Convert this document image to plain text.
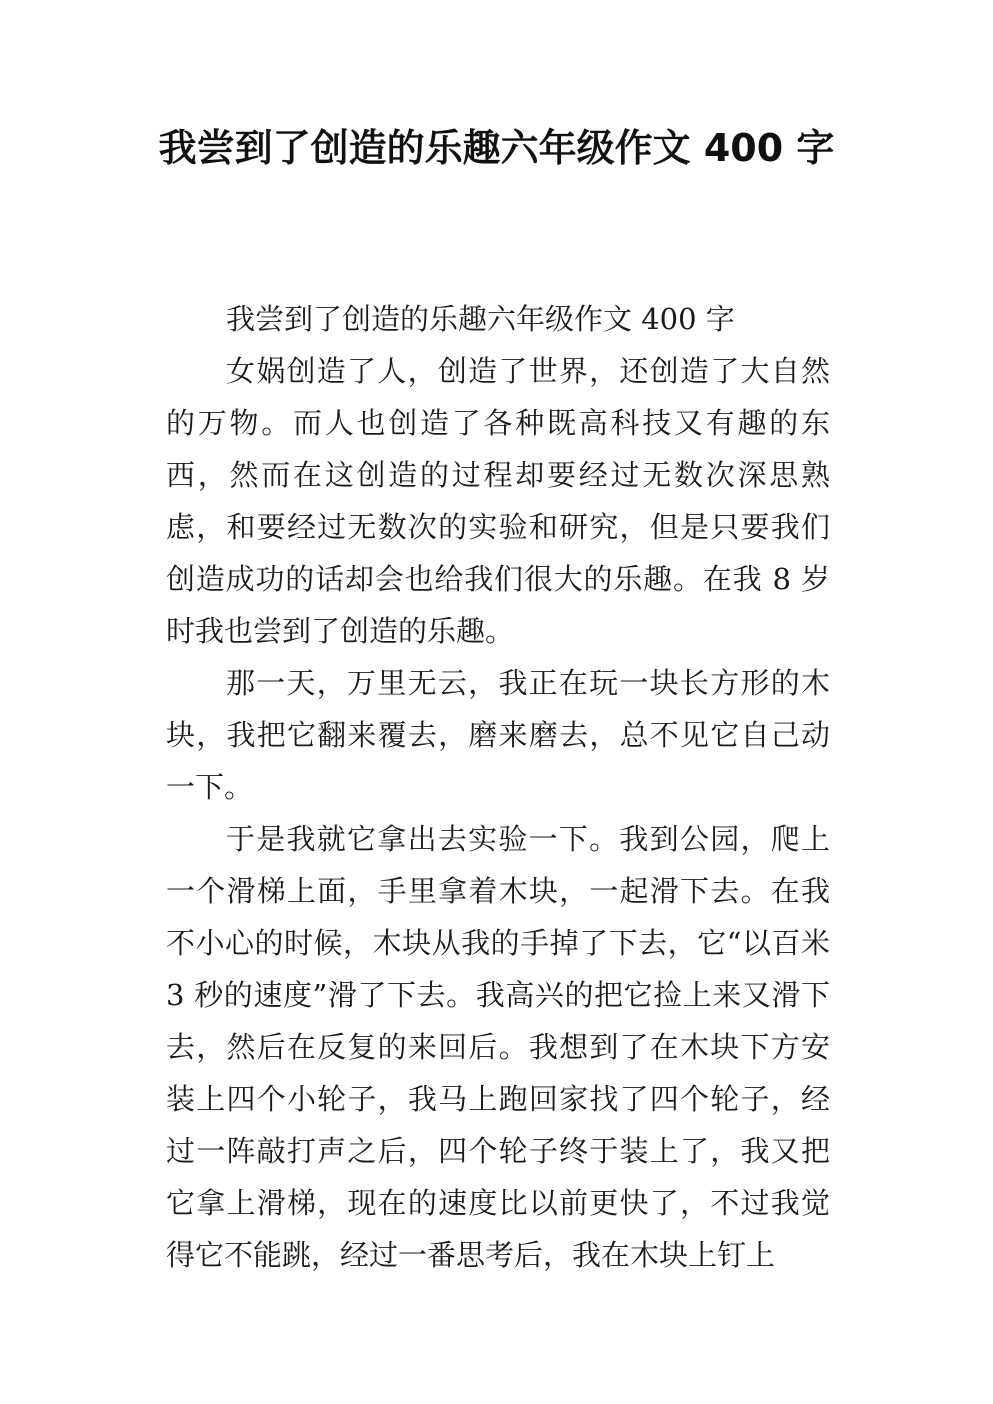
我尝到了创造的乐趣六年级作文 400 字

我尝到了创造的乐趣六年级作文 400 字

女娲创造了人，创造了世界，还创造了大自然的万物。而人也创造了各种既高科技又有趣的东西，然而在这创造的过程却要经过无数次深思熟虑，和要经过无数次的实验和研究，但是只要我们创造成功的话却会也给我们很大的乐趣。在我 8 岁时我也尝到了创造的乐趣。

那一天，万里无云，我正在玩一块长方形的木块，我把它翻来覆去，磨来磨去，总不见它自己动一下。

于是我就它拿出去实验一下。我到公园，爬上一个滑梯上面，手里拿着木块，一起滑下去。在我不小心的时候，木块从我的手掉了下去，它“以百米 3 秒的速度”滑了下去。我高兴的把它捡上来又滑下去，然后在反复的来回后。我想到了在木块下方安装上四个小轮子，我马上跑回家找了四个轮子，经过一阵敲打声之后，四个轮子终于装上了，我又把它拿上滑梯，现在的速度比以前更快了，不过我觉得它不能跳，经过一番思考后，我在木块上钉上
